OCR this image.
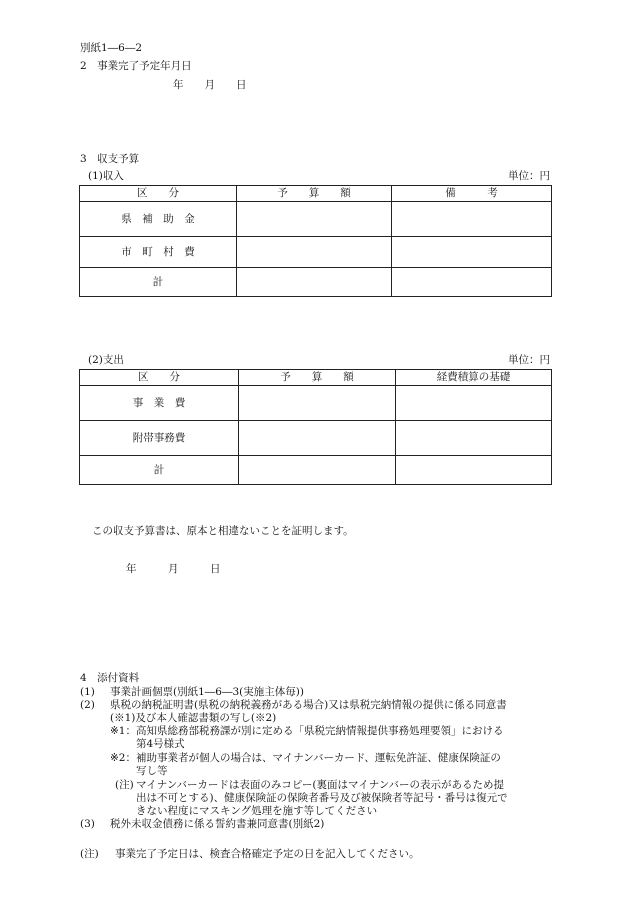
別紙1―6―2
2　事業完了予定年月日
年　　月　　日
3　収支予算
(1)収入	単位：円
区　　分	予　　算　　額	備　　　考
県　補　助　金		
市　町　村　費		
計		
(2)支出	単位：円
区　　分	予　　算　　額	経費積算の基礎
事　業　費		
附帯事務費		
計		
この収支予算書は、原本と相違ないことを証明します。
年　　　月　　　日
4　添付資料
(1) 事業計画個票(別紙1―6―3(実施主体毎))
(2) 県税の納税証明書(県税の納税義務がある場合)又は県税完納情報の提供に係る同意書
(※1)及び本人確認書類の写し(※2)
※1： 高知県総務部税務課が別に定める「県税完納情報提供事務処理要領」における
第4号様式
※2： 補助事業者が個人の場合は、マイナンバーカード、運転免許証、健康保険証の
写し等
(注) マイナンバーカードは表面のみコピー(裏面はマイナンバーの表示があるため提
出は不可とする)、健康保険証の保険者番号及び被保険者等記号・番号は復元で
きない程度にマスキング処理を施す等してください
(3) 税外未収金債務に係る誓約書兼同意書(別紙2)
(注) 事業完了予定日は、検査合格確定予定の日を記入してください。
